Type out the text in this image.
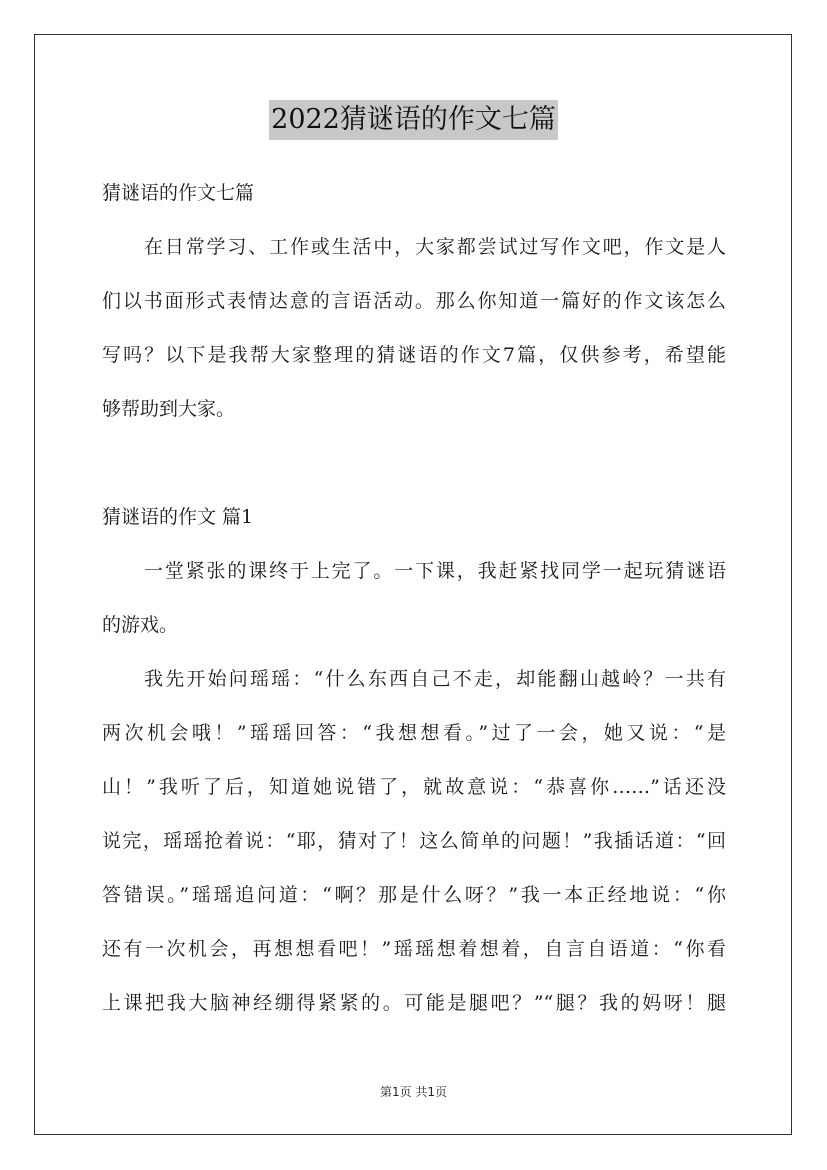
2022猜谜语的作文七篇
猜谜语的作文七篇
在日常学习、工作或生活中，大家都尝试过写作文吧，作文是人
们以书面形式表情达意的言语活动。那么你知道一篇好的作文该怎么
写吗？以下是我帮大家整理的猜谜语的作文7篇，仅供参考，希望能
够帮助到大家。
猜谜语的作文 篇1
一堂紧张的课终于上完了。一下课，我赶紧找同学一起玩猜谜语
的游戏。
我先开始问瑶瑶：“什么东西自己不走，却能翻山越岭？一共有
两次机会哦！”瑶瑶回答：“我想想看。”过了一会，她又说：“是
山！”我听了后，知道她说错了，就故意说：“恭喜你……”话还没
说完，瑶瑶抢着说：“耶，猜对了！这么简单的问题！”我插话道：“回
答错误。”瑶瑶追问道：“啊？那是什么呀？”我一本正经地说：“你
还有一次机会，再想想看吧！”瑶瑶想着想着，自言自语道：“你看
上课把我大脑神经绷得紧紧的。可能是腿吧？”“腿？我的妈呀！腿
第1页 共1页
